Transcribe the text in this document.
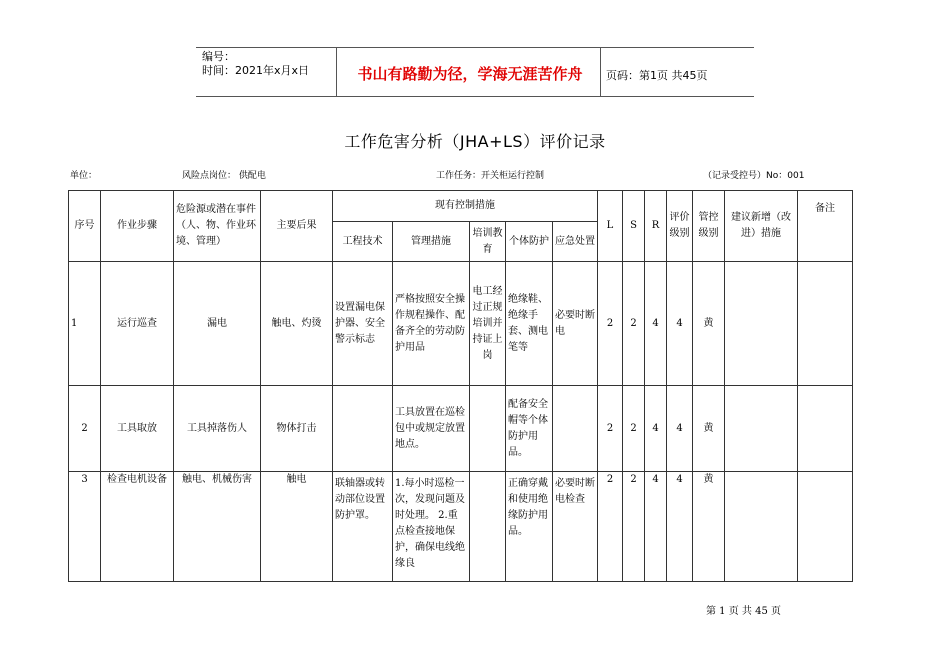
编号：
时间：2021年x月x日	书山有路勤为径，学海无涯苦作舟	页码：第1页 共45页
工作危害分析（JHA+LS）评价记录
单位：	风险点岗位： 供配电	工作任务：开关柜运行控制	（记录受控号）No：001
序号	作业步骤	危险源或潜在事件（人、物、作业环境、管理）	主要后果	现有控制措施					L	S	R	评价级别	管控级别	建议新增（改进）措施	备注
				工程技术	管理措施	培训教育	个体防护	应急处置							
1	运行巡查	漏电	触电、灼烫	设置漏电保护器、安全警示标志	严格按照安全操作规程操作、配备齐全的劳动防护用品	电工经过正规培训并持证上岗	绝缘鞋、绝缘手套、测电笔等	必要时断电	2	2	4	4	黄		
2	工具取放	工具掉落伤人	物体打击		工具放置在巡检包中或规定放置地点。		配备安全帽等个体防护用品。		2	2	4	4	黄		
3	检查电机设备	触电、机械伤害	触电	联轴器或转动部位设置防护罩。	1.每小时巡检一次，发现问题及时处理。 2.重点检查接地保护，确保电线绝缘良		正确穿戴和使用绝缘防护用品。	必要时断电检查	2	2	4	4	黄		
第 1 页 共 45 页
